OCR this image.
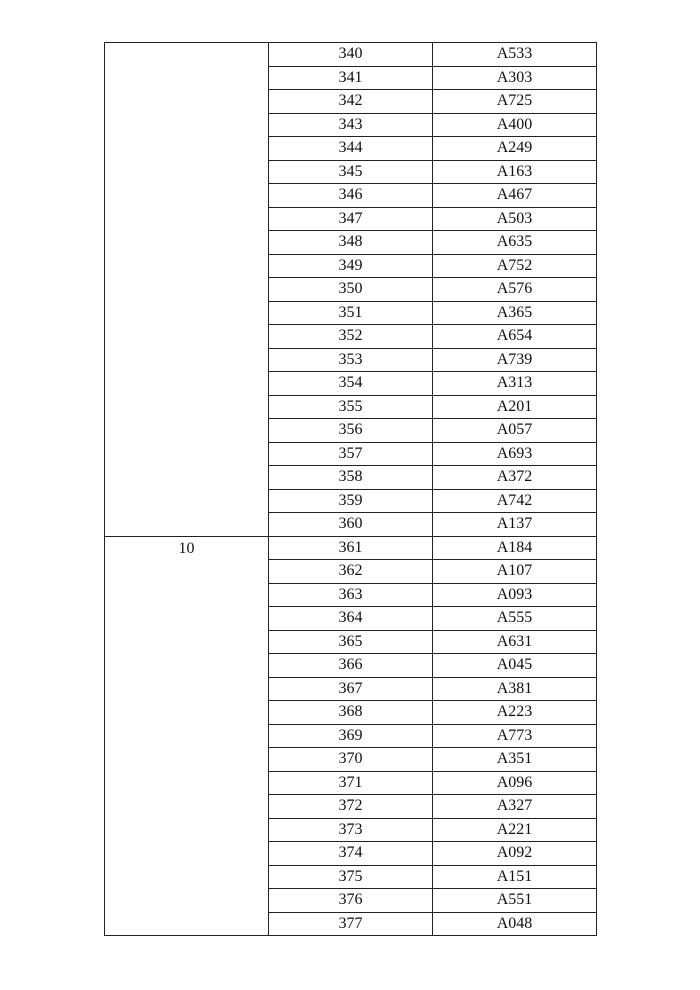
	340	A533
	341	A303
	342	A725
	343	A400
	344	A249
	345	A163
	346	A467
	347	A503
	348	A635
	349	A752
	350	A576
	351	A365
	352	A654
	353	A739
	354	A313
	355	A201
	356	A057
	357	A693
	358	A372
	359	A742
	360	A137
10	361	A184
	362	A107
	363	A093
	364	A555
	365	A631
	366	A045
	367	A381
	368	A223
	369	A773
	370	A351
	371	A096
	372	A327
	373	A221
	374	A092
	375	A151
	376	A551
	377	A048
